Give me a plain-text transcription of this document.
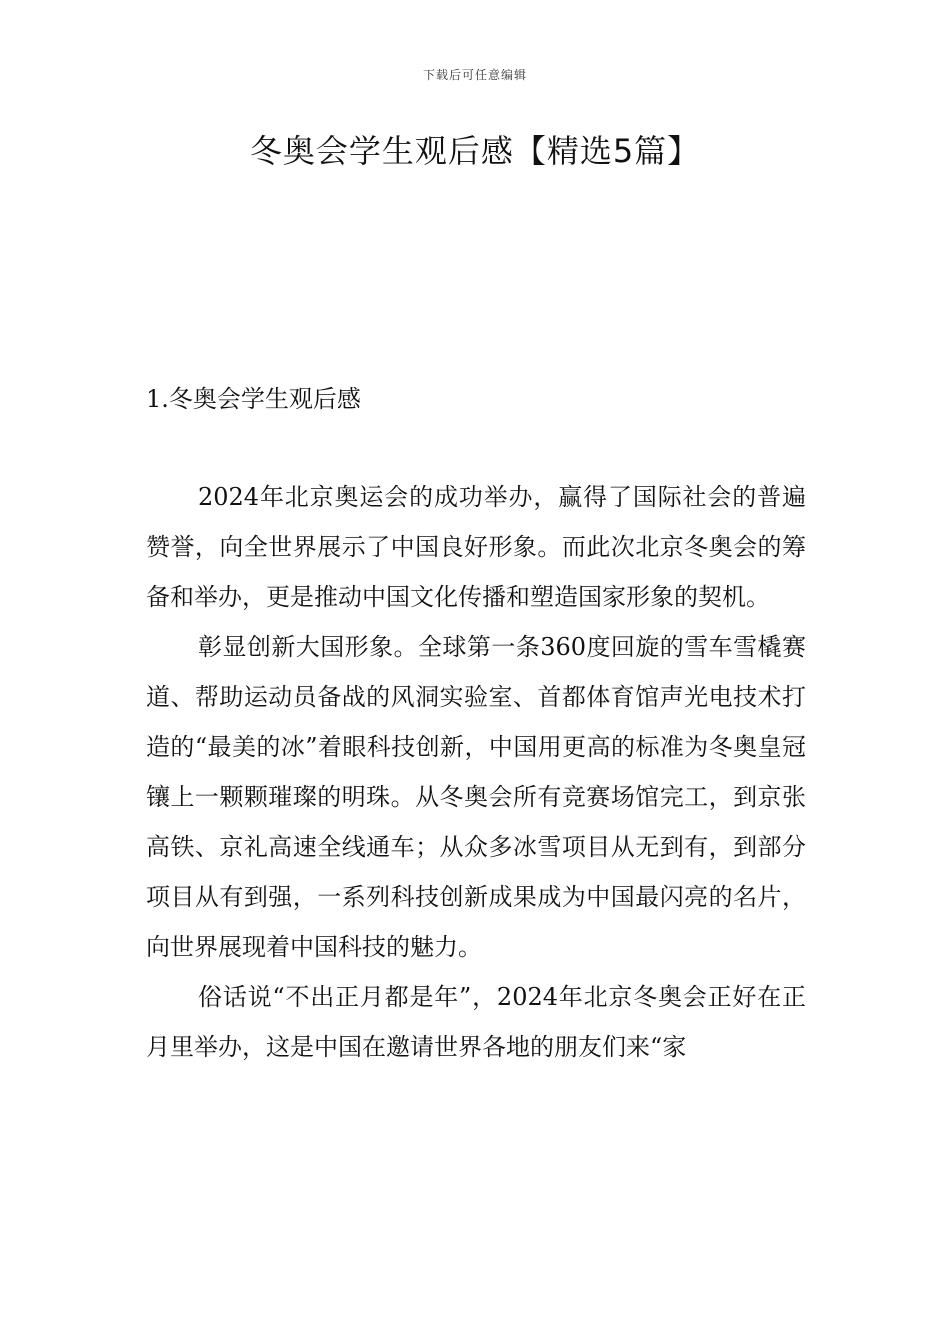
下载后可任意编辑
冬奥会学生观后感【精选5篇】

1.冬奥会学生观后感

2024年北京奥运会的成功举办，赢得了国际社会的普遍赞誉，向全世界展示了中国良好形象。而此次北京冬奥会的筹备和举办，更是推动中国文化传播和塑造国家形象的契机。

彰显创新大国形象。全球第一条360度回旋的雪车雪橇赛道、帮助运动员备战的风洞实验室、首都体育馆声光电技术打造的“最美的冰”着眼科技创新，中国用更高的标准为冬奥皇冠镶上一颗颗璀璨的明珠。从冬奥会所有竞赛场馆完工，到京张高铁、京礼高速全线通车；从众多冰雪项目从无到有，到部分项目从有到强，一系列科技创新成果成为中国最闪亮的名片，向世界展现着中国科技的魅力。

俗话说“不出正月都是年”，2024年北京冬奥会正好在正月里举办，这是中国在邀请世界各地的朋友们来“家
